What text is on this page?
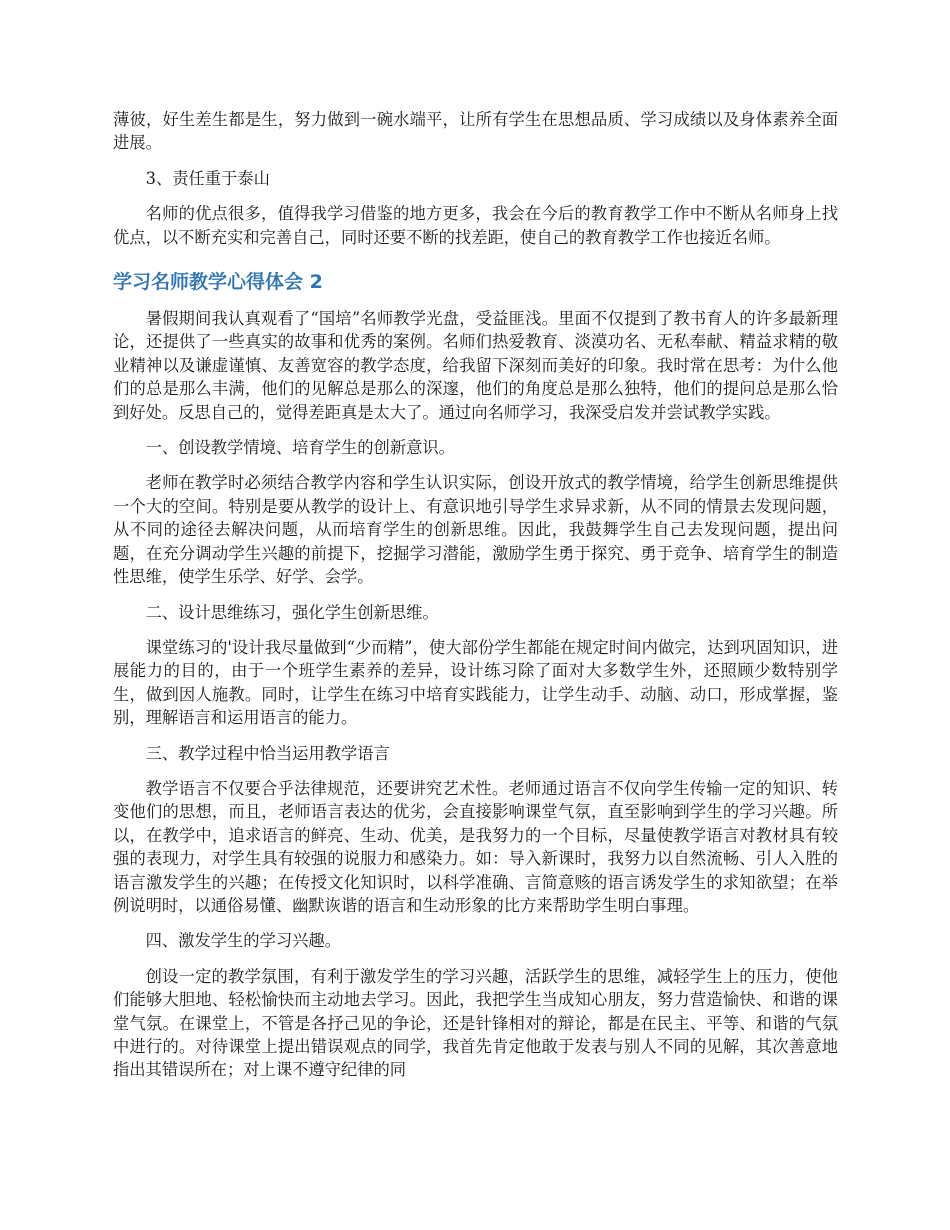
薄彼，好生差生都是生，努力做到一碗水端平，让所有学生在思想品质、学习成绩以及身体素养全面进展。

3、责任重于泰山

名师的优点很多，值得我学习借鉴的地方更多，我会在今后的教育教学工作中不断从名师身上找优点，以不断充实和完善自己，同时还要不断的找差距，使自己的教育教学工作也接近名师。

学习名师教学心得体会 2

暑假期间我认真观看了“国培”名师教学光盘，受益匪浅。里面不仅提到了教书育人的许多最新理论，还提供了一些真实的故事和优秀的案例。名师们热爱教育、淡漠功名、无私奉献、精益求精的敬业精神以及谦虚谨慎、友善宽容的教学态度，给我留下深刻而美好的印象。我时常在思考：为什么他们的总是那么丰满，他们的见解总是那么的深邃，他们的角度总是那么独特，他们的提问总是那么恰到好处。反思自己的，觉得差距真是太大了。通过向名师学习，我深受启发并尝试教学实践。

一、创设教学情境、培育学生的创新意识。

老师在教学时必须结合教学内容和学生认识实际，创设开放式的教学情境，给学生创新思维提供一个大的空间。特别是要从教学的设计上、有意识地引导学生求异求新，从不同的情景去发现问题，从不同的途径去解决问题，从而培育学生的创新思维。因此，我鼓舞学生自己去发现问题，提出问题，在充分调动学生兴趣的前提下，挖掘学习潜能，激励学生勇于探究、勇于竞争、培育学生的制造性思维，使学生乐学、好学、会学。

二、设计思维练习，强化学生创新思维。

课堂练习的'设计我尽量做到“少而精”，使大部份学生都能在规定时间内做完，达到巩固知识，进展能力的目的，由于一个班学生素养的差异，设计练习除了面对大多数学生外，还照顾少数特别学生，做到因人施教。同时，让学生在练习中培育实践能力，让学生动手、动脑、动口，形成掌握，鉴别，理解语言和运用语言的能力。

三、教学过程中恰当运用教学语言

教学语言不仅要合乎法律规范，还要讲究艺术性。老师通过语言不仅向学生传输一定的知识、转变他们的思想，而且，老师语言表达的优劣，会直接影响课堂气氛，直至影响到学生的学习兴趣。所以，在教学中，追求语言的鲜亮、生动、优美，是我努力的一个目标，尽量使教学语言对教材具有较强的表现力，对学生具有较强的说服力和感染力。如：导入新课时，我努力以自然流畅、引人入胜的语言激发学生的兴趣；在传授文化知识时，以科学准确、言简意赅的语言诱发学生的求知欲望；在举例说明时，以通俗易懂、幽默诙谐的语言和生动形象的比方来帮助学生明白事理。

四、激发学生的学习兴趣。

创设一定的教学氛围，有利于激发学生的学习兴趣，活跃学生的思维，减轻学生上的压力，使他们能够大胆地、轻松愉快而主动地去学习。因此，我把学生当成知心朋友，努力营造愉快、和谐的课堂气氛。在课堂上，不管是各抒己见的争论，还是针锋相对的辩论，都是在民主、平等、和谐的气氛中进行的。对待课堂上提出错误观点的同学，我首先肯定他敢于发表与别人不同的见解，其次善意地指出其错误所在；对上课不遵守纪律的同
